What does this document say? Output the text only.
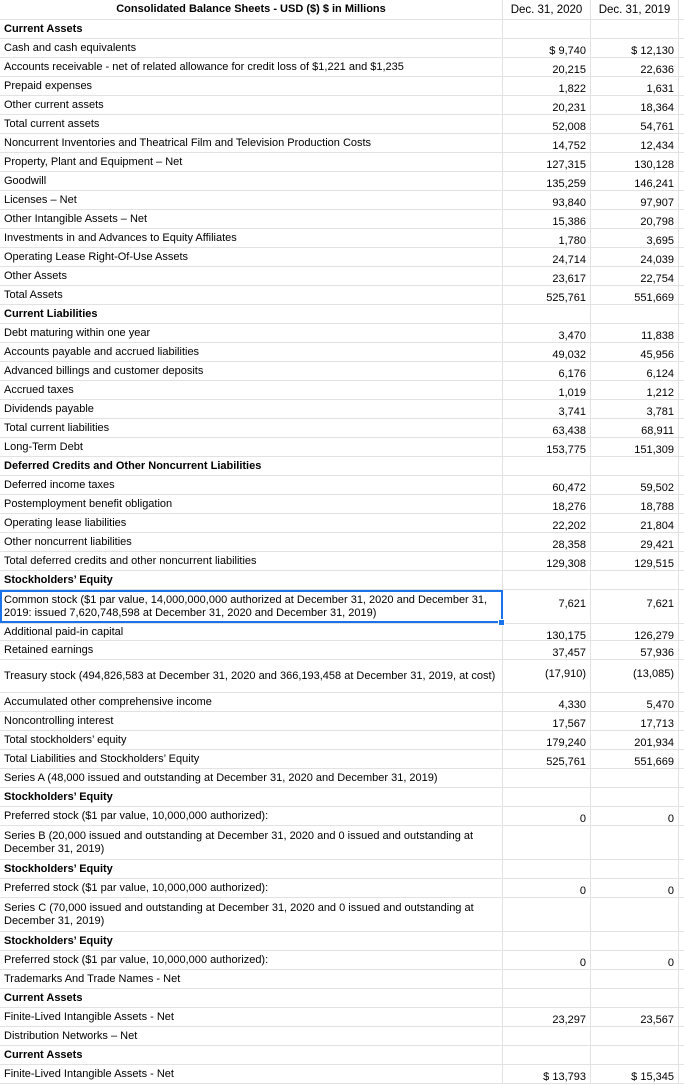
Consolidated Balance Sheets - USD ($) $ in Millions	Dec. 31, 2020	Dec. 31, 2019
Current Assets
Cash and cash equivalents	$ 9,740	$ 12,130
Accounts receivable - net of related allowance for credit loss of $1,221 and $1,235	20,215	22,636
Prepaid expenses	1,822	1,631
Other current assets	20,231	18,364
Total current assets	52,008	54,761
Noncurrent Inventories and Theatrical Film and Television Production Costs	14,752	12,434
Property, Plant and Equipment – Net	127,315	130,128
Goodwill	135,259	146,241
Licenses – Net	93,840	97,907
Other Intangible Assets – Net	15,386	20,798
Investments in and Advances to Equity Affiliates	1,780	3,695
Operating Lease Right-Of-Use Assets	24,714	24,039
Other Assets	23,617	22,754
Total Assets	525,761	551,669
Current Liabilities
Debt maturing within one year	3,470	11,838
Accounts payable and accrued liabilities	49,032	45,956
Advanced billings and customer deposits	6,176	6,124
Accrued taxes	1,019	1,212
Dividends payable	3,741	3,781
Total current liabilities	63,438	68,911
Long-Term Debt	153,775	151,309
Deferred Credits and Other Noncurrent Liabilities
Deferred income taxes	60,472	59,502
Postemployment benefit obligation	18,276	18,788
Operating lease liabilities	22,202	21,804
Other noncurrent liabilities	28,358	29,421
Total deferred credits and other noncurrent liabilities	129,308	129,515
Stockholders’ Equity
Common stock ($1 par value, 14,000,000,000 authorized at December 31, 2020 and December 31, 2019: issued 7,620,748,598 at December 31, 2020 and December 31, 2019)
7,621	7,621
Additional paid-in capital	130,175	126,279
Retained earnings	37,457	57,936
Treasury stock (494,826,583 at December 31, 2020 and 366,193,458 at December 31, 2019, at cost)	(17,910)	(13,085)
Accumulated other comprehensive income	4,330	5,470
Noncontrolling interest	17,567	17,713
Total stockholders’ equity	179,240	201,934
Total Liabilities and Stockholders’ Equity	525,761	551,669
Series A (48,000 issued and outstanding at December 31, 2020 and December 31, 2019)
Stockholders’ Equity
Preferred stock ($1 par value, 10,000,000 authorized):	0	0
Series B (20,000 issued and outstanding at December 31, 2020 and 0 issued and outstanding at December 31, 2019)
Stockholders’ Equity
Preferred stock ($1 par value, 10,000,000 authorized):	0	0
Series C (70,000 issued and outstanding at December 31, 2020 and 0 issued and outstanding at December 31, 2019)
Stockholders’ Equity
Preferred stock ($1 par value, 10,000,000 authorized):	0	0
Trademarks And Trade Names - Net
Current Assets
Finite-Lived Intangible Assets - Net	23,297	23,567
Distribution Networks – Net
Current Assets
Finite-Lived Intangible Assets - Net	$ 13,793	$ 15,345
